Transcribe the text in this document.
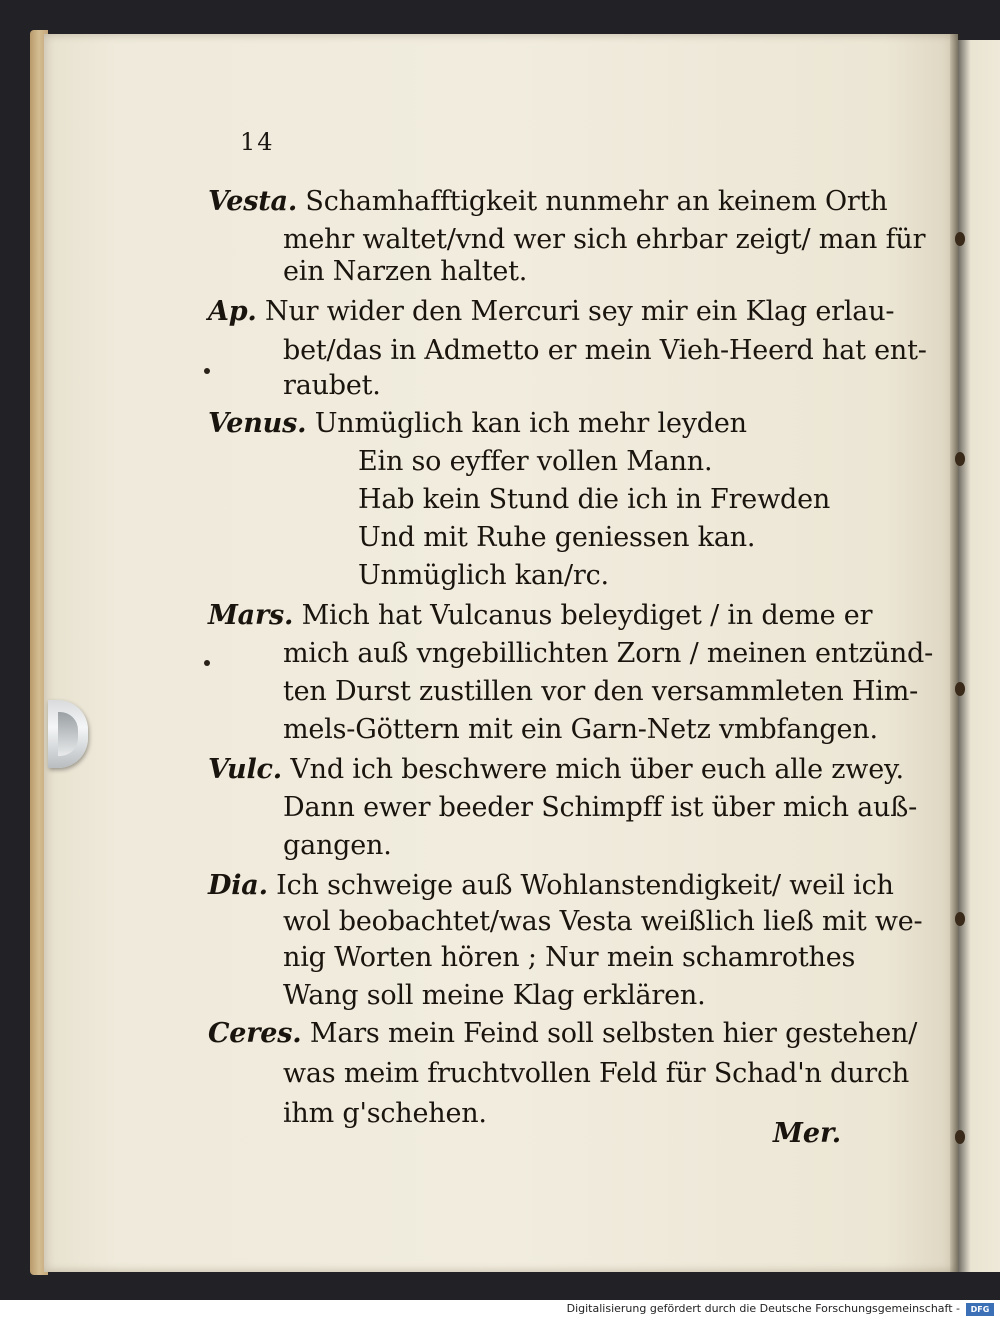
14
Vesta. Schamhafftigkeit nunmehr an keinem Orth
mehr waltet/vnd wer sich ehrbar zeigt/ man für
ein Narzen haltet.
Ap. Nur wider den Mercuri sey mir ein Klag erlau-
bet/das in Admetto er mein Vieh-Heerd hat ent-
raubet.
Venus. Unmüglich kan ich mehr leyden
Ein so eyffer vollen Mann.
Hab kein Stund die ich in Frewden
Und mit Ruhe geniessen kan.
Unmüglich kan/rc.
Mars. Mich hat Vulcanus beleydiget / in deme er
mich auß vngebillichten Zorn / meinen entzünd-
ten Durst zustillen vor den versammleten Him-
mels-Göttern mit ein Garn-Netz vmbfangen.
Vulc. Vnd ich beschwere mich über euch alle zwey.
Dann ewer beeder Schimpff ist über mich auß-
gangen.
Dia. Ich schweige auß Wohlanstendigkeit/ weil ich
wol beobachtet/was Vesta weißlich ließ mit we-
nig Worten hören ; Nur mein schamrothes
Wang soll meine Klag erklären.
Ceres. Mars mein Feind soll selbsten hier gestehen/
was meim fruchtvollen Feld für Schad'n durch
ihm g'schehen.
Mer.
Digitalisierung gefördert durch die Deutsche Forschungsgemeinschaft -	DFG
